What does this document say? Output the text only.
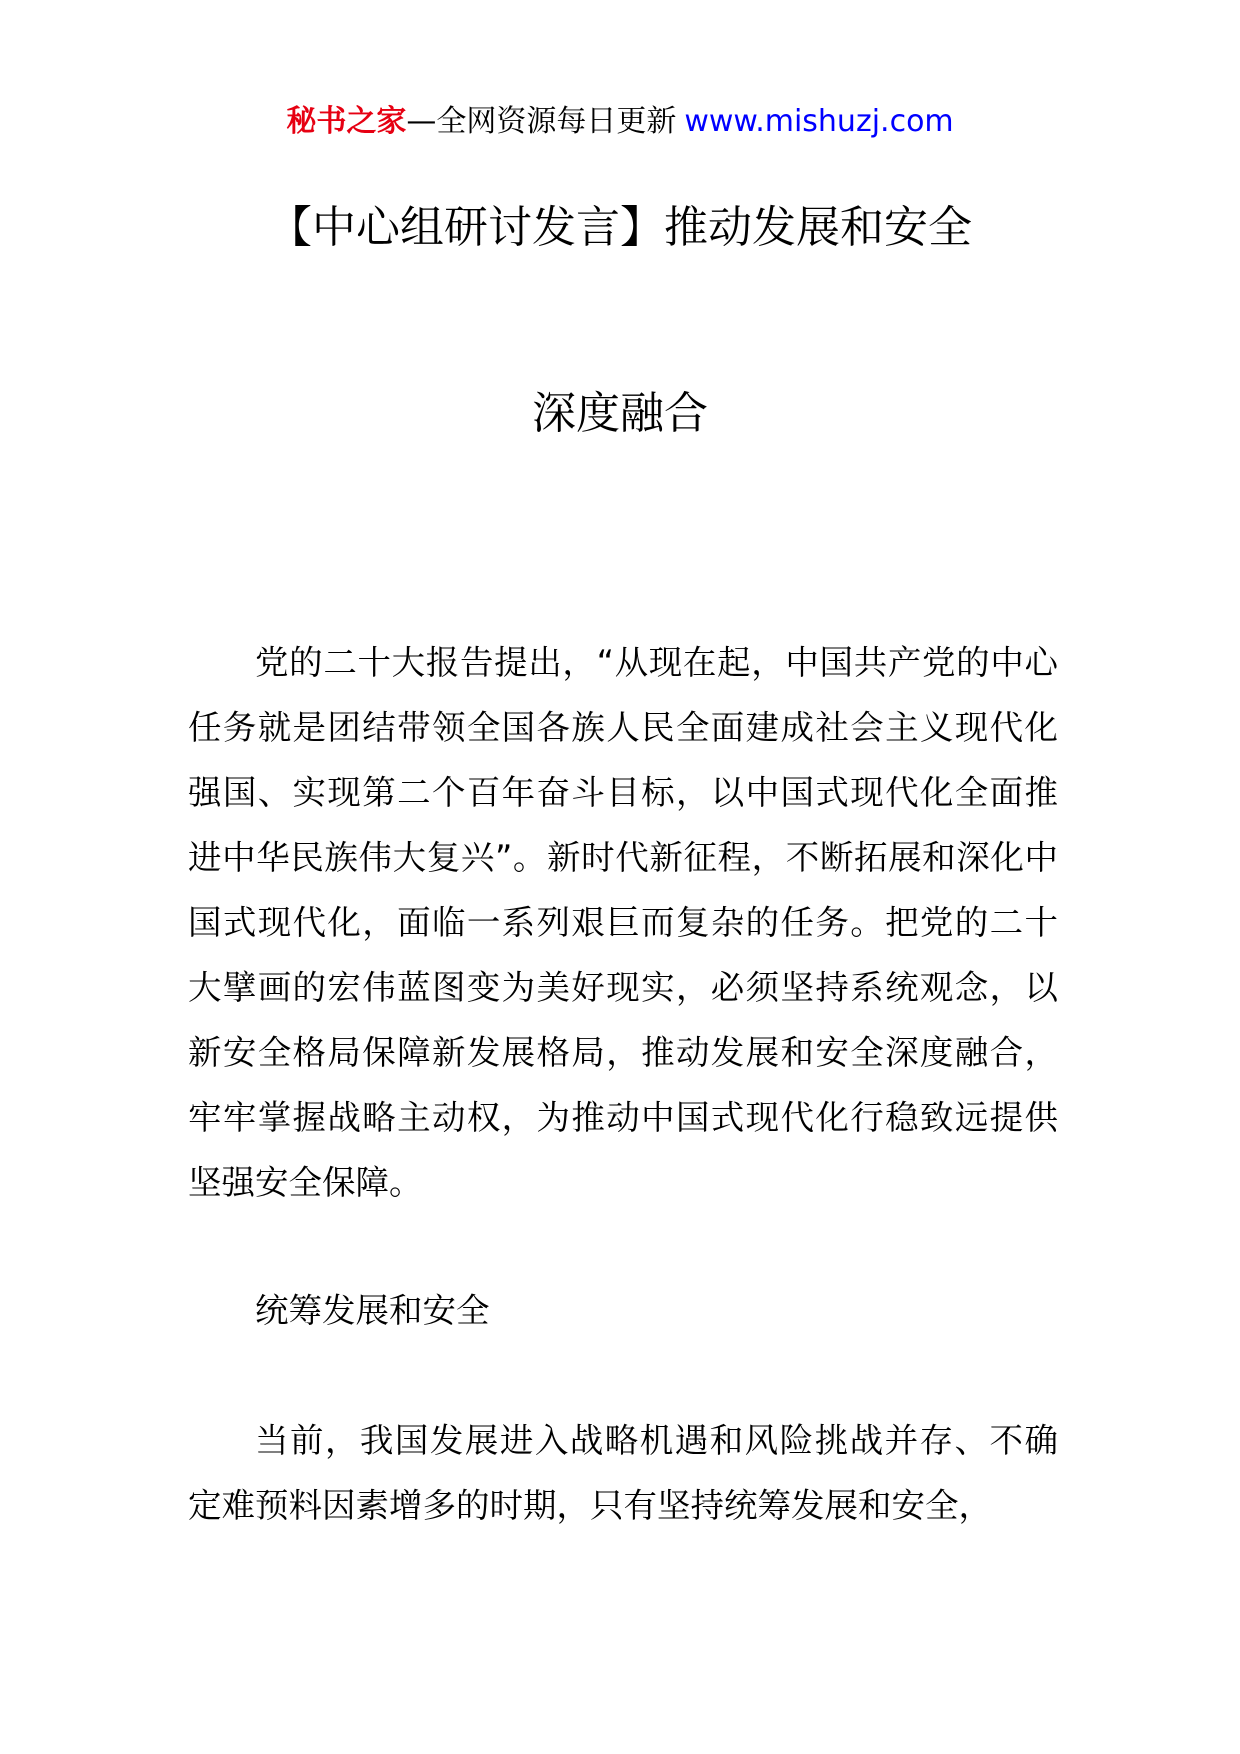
秘书之家—全网资源每日更新 www.mishuzj.com
【中心组研讨发言】推动发展和安全
深度融合

党的二十大报告提出，“从现在起，中国共产党的中心任务就是团结带领全国各族人民全面建成社会主义现代化强国、实现第二个百年奋斗目标，以中国式现代化全面推进中华民族伟大复兴”。新时代新征程，不断拓展和深化中国式现代化，面临一系列艰巨而复杂的任务。把党的二十大擘画的宏伟蓝图变为美好现实，必须坚持系统观念，以新安全格局保障新发展格局，推动发展和安全深度融合，牢牢掌握战略主动权，为推动中国式现代化行稳致远提供坚强安全保障。

统筹发展和安全

当前，我国发展进入战略机遇和风险挑战并存、不确定难预料因素增多的时期，只有坚持统筹发展和安全，
